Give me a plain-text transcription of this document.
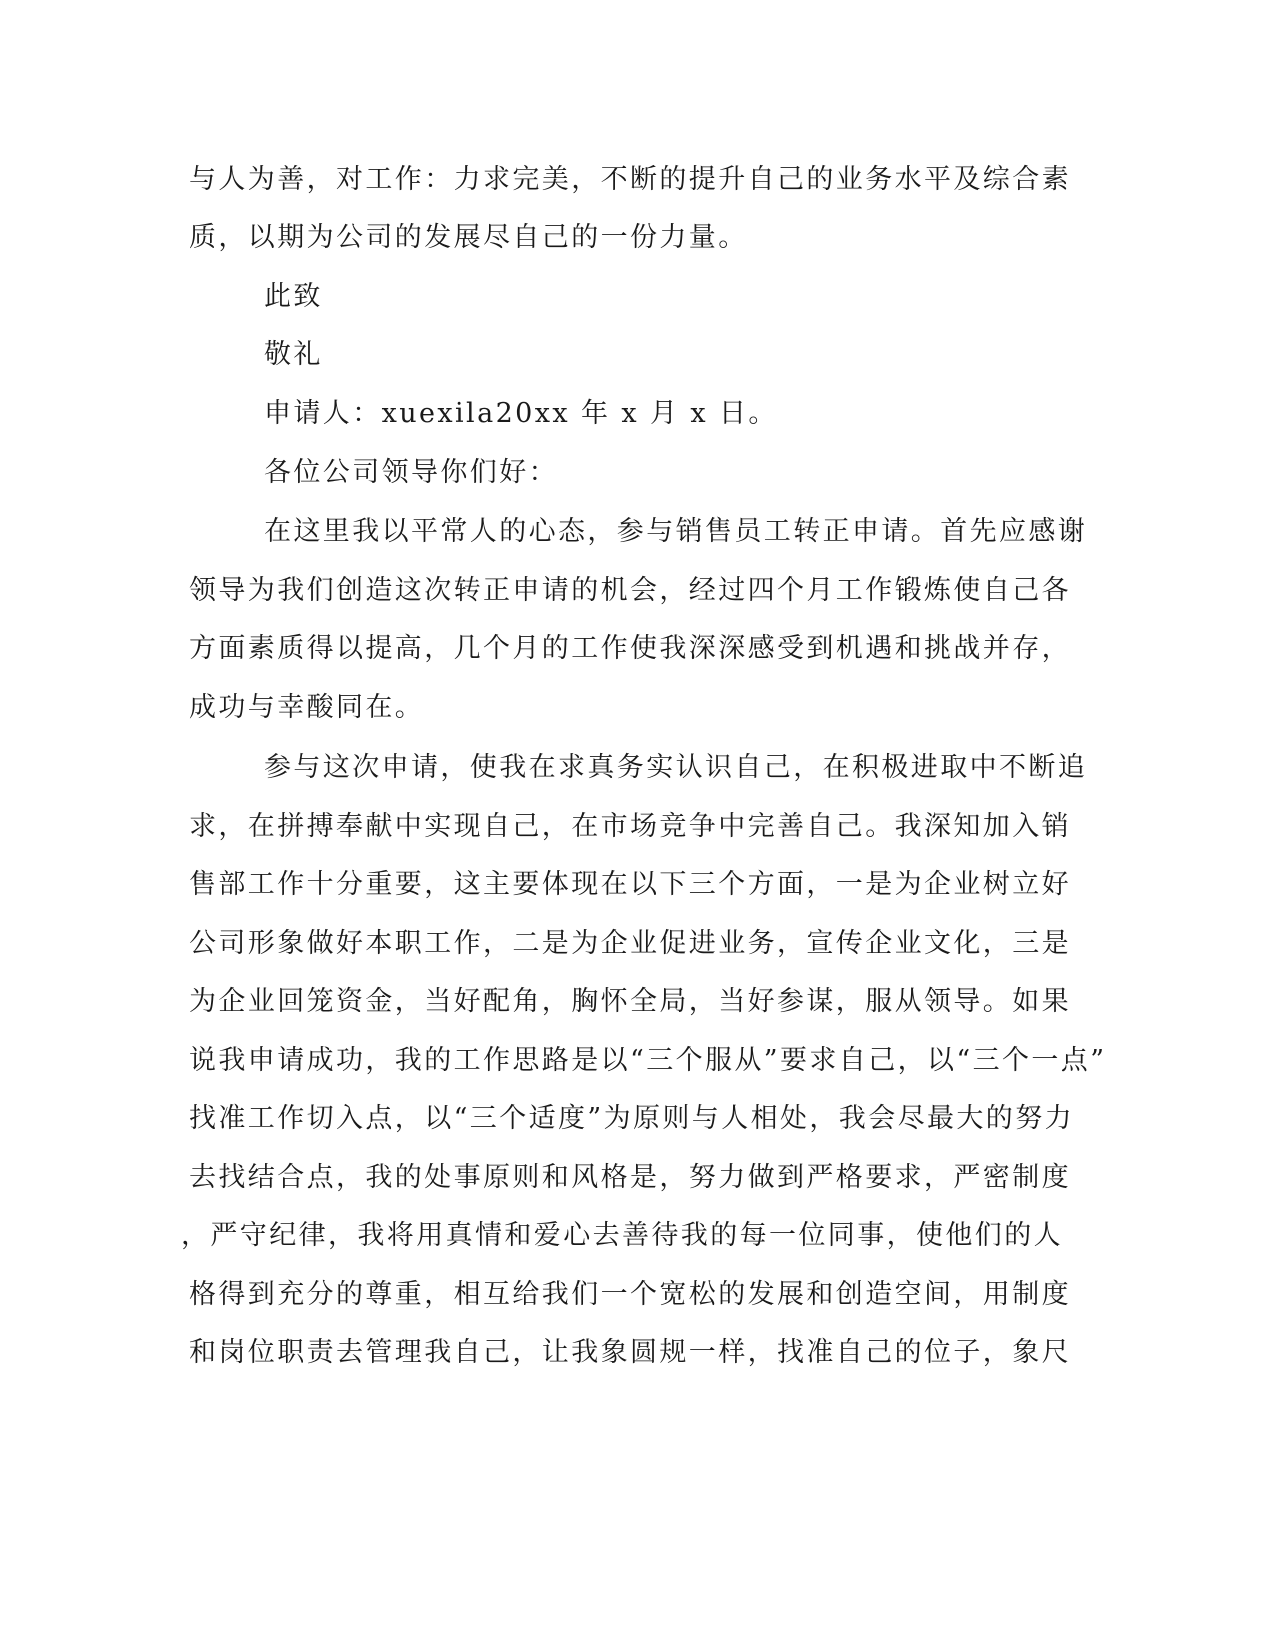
与人为善，对工作：力求完美，不断的提升自己的业务水平及综合素
质，以期为公司的发展尽自己的一份力量。
此致
敬礼
申请人：xuexila20xx 年 x 月 x 日。
各位公司领导你们好：
在这里我以平常人的心态，参与销售员工转正申请。首先应感谢
领导为我们创造这次转正申请的机会，经过四个月工作锻炼使自己各
方面素质得以提高，几个月的工作使我深深感受到机遇和挑战并存，
成功与幸酸同在。
参与这次申请，使我在求真务实认识自己，在积极进取中不断追
求，在拼搏奉献中实现自己，在市场竞争中完善自己。我深知加入销
售部工作十分重要，这主要体现在以下三个方面，一是为企业树立好
公司形象做好本职工作，二是为企业促进业务，宣传企业文化，三是
为企业回笼资金，当好配角，胸怀全局，当好参谋，服从领导。如果
说我申请成功，我的工作思路是以“三个服从”要求自己，以“三个一点”
找准工作切入点，以“三个适度”为原则与人相处，我会尽最大的努力
去找结合点，我的处事原则和风格是，努力做到严格要求，严密制度
，严守纪律，我将用真情和爱心去善待我的每一位同事，使他们的人
格得到充分的尊重，相互给我们一个宽松的发展和创造空间，用制度
和岗位职责去管理我自己，让我象圆规一样，找准自己的位子，象尺
